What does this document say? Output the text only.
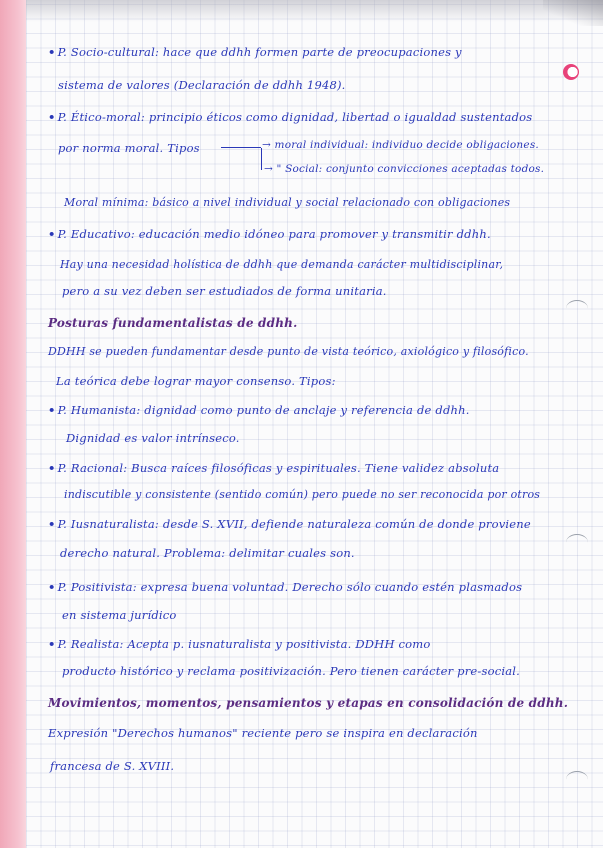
• P. Socio-cultural: hace que ddhh formen parte de preocupaciones y
sistema de valores (Declaración de ddhh 1948).
• P. Ético-moral: principio éticos como dignidad, libertad o igualdad sustentados
por norma moral. Tipos	→ moral individual: individuo decide obligaciones.
→ " Social: conjunto convicciones aceptadas todos.
Moral mínima: básico a nivel individual y social relacionado con obligaciones
• P. Educativo: educación medio idóneo para promover y transmitir ddhh.
Hay una necesidad holística de ddhh que demanda carácter multidisciplinar,
pero a su vez deben ser estudiados de forma unitaria.
Posturas fundamentalistas de ddhh.
DDHH se pueden fundamentar desde punto de vista teórico, axiológico y filosófico.
La teórica debe lograr mayor consenso. Tipos:
• P. Humanista: dignidad como punto de anclaje y referencia de ddhh.
Dignidad es valor intrínseco.
• P. Racional: Busca raíces filosóficas y espirituales. Tiene validez absoluta
indiscutible y consistente (sentido común) pero puede no ser reconocida por otros
• P. Iusnaturalista: desde S. XVII, defiende naturaleza común de donde proviene
derecho natural. Problema: delimitar cuales son.
• P. Positivista: expresa buena voluntad. Derecho sólo cuando estén plasmados
en sistema jurídico
• P. Realista: Acepta p. iusnaturalista y positivista. DDHH como
producto histórico y reclama positivización. Pero tienen carácter pre-social.
Movimientos, momentos, pensamientos y etapas en consolidación de ddhh.
Expresión "Derechos humanos" reciente pero se inspira en declaración
francesa de S. XVIII.
